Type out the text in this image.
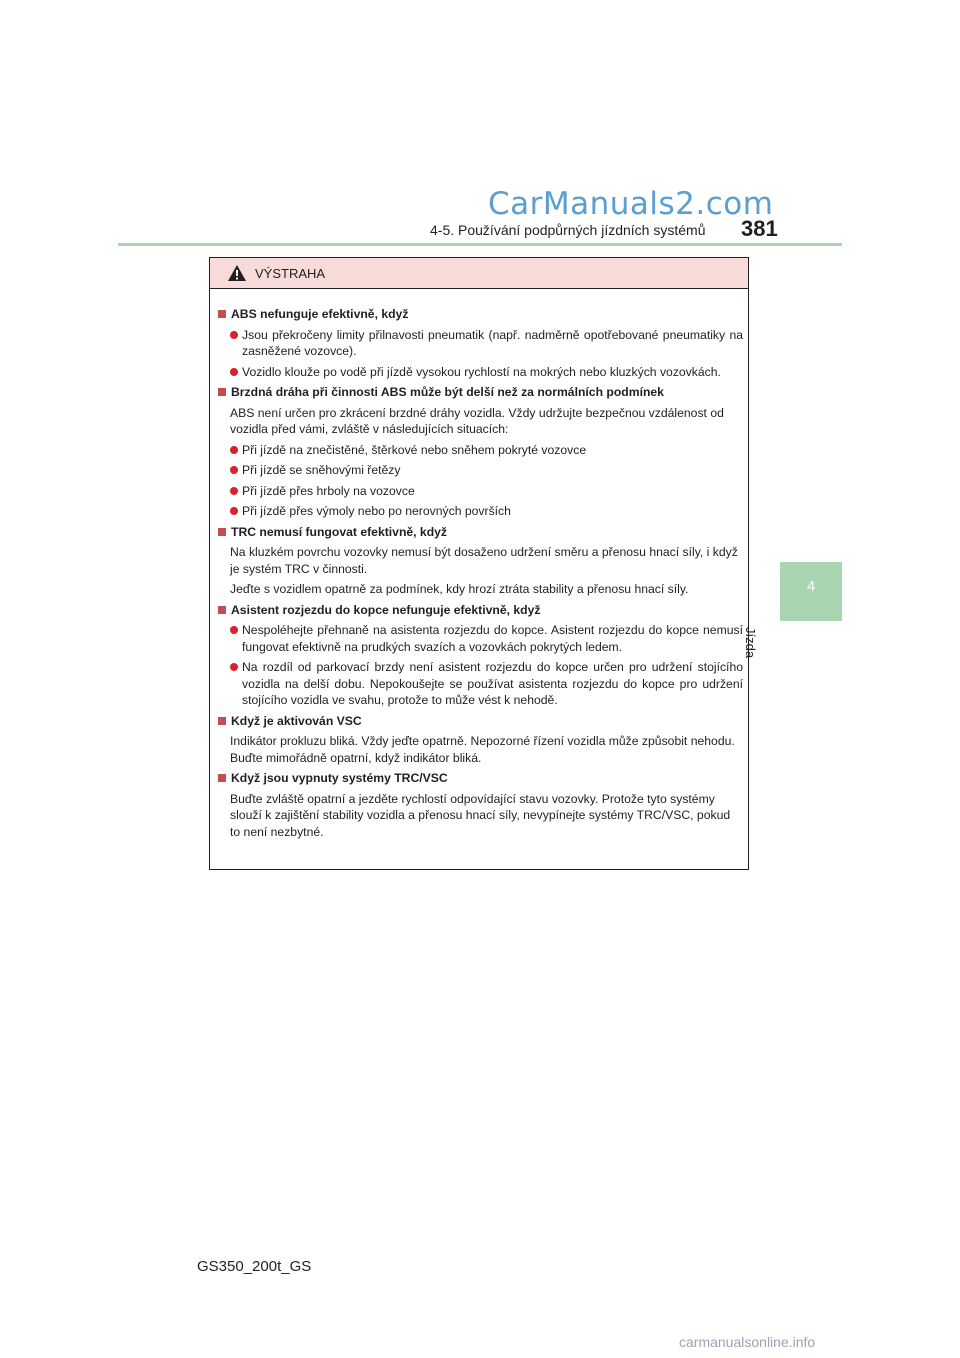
CarManuals2.com
4-5. Používání podpůrných jízdních systémů 381
4
Jízda
VÝSTRAHA
ABS nefunguje efektivně, když
Jsou překročeny limity přilnavosti pneumatik (např. nadměrně opotřebované pneumatiky na zasněžené vozovce).
Vozidlo klouže po vodě při jízdě vysokou rychlostí na mokrých nebo kluzkých vozovkách.
Brzdná dráha při činnosti ABS může být delší než za normálních podmínek
ABS není určen pro zkrácení brzdné dráhy vozidla. Vždy udržujte bezpečnou vzdálenost od vozidla před vámi, zvláště v následujících situacích:
Při jízdě na znečistěné, štěrkové nebo sněhem pokryté vozovce
Při jízdě se sněhovými řetězy
Při jízdě přes hrboly na vozovce
Při jízdě přes výmoly nebo po nerovných površích
TRC nemusí fungovat efektivně, když
Na kluzkém povrchu vozovky nemusí být dosaženo udržení směru a přenosu hnací síly, i když je systém TRC v činnosti.
Jeďte s vozidlem opatrně za podmínek, kdy hrozí ztráta stability a přenosu hnací síly.
Asistent rozjezdu do kopce nefunguje efektivně, když
Nespoléhejte přehnaně na asistenta rozjezdu do kopce. Asistent rozjezdu do kopce nemusí fungovat efektivně na prudkých svazích a vozovkách pokrytých ledem.
Na rozdíl od parkovací brzdy není asistent rozjezdu do kopce určen pro udržení stojícího vozidla na delší dobu. Nepokoušejte se používat asistenta rozjezdu do kopce pro udržení stojícího vozidla ve svahu, protože to může vést k nehodě.
Když je aktivován VSC
Indikátor prokluzu bliká. Vždy jeďte opatrně. Nepozorné řízení vozidla může způsobit nehodu. Buďte mimořádně opatrní, když indikátor bliká.
Když jsou vypnuty systémy TRC/VSC
Buďte zvláště opatrní a jezděte rychlostí odpovídající stavu vozovky. Protože tyto systémy slouží k zajištění stability vozidla a přenosu hnací síly, nevypínejte systémy TRC/VSC, pokud to není nezbytné.
GS350_200t_GS
carmanualsonline.info
